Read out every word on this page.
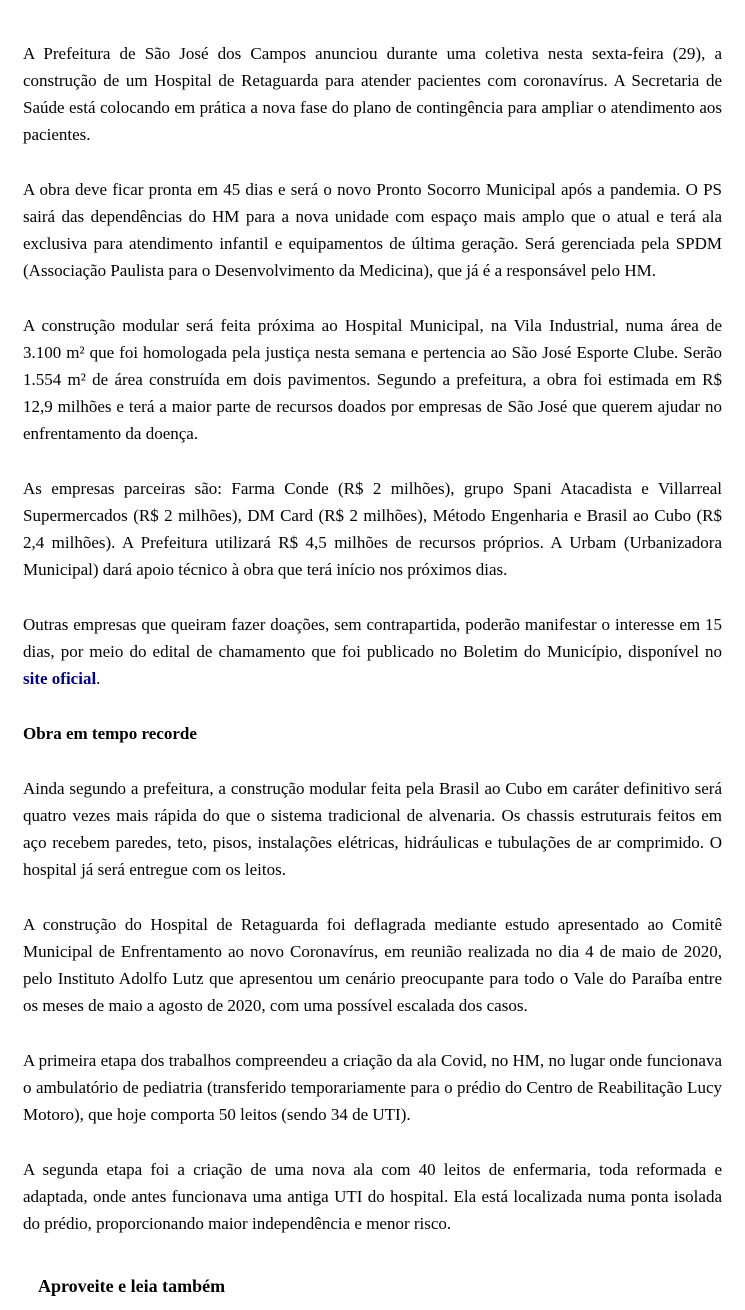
A Prefeitura de São José dos Campos anunciou durante uma coletiva nesta sexta-feira (29), a construção de um Hospital de Retaguarda para atender pacientes com coronavírus. A Secretaria de Saúde está colocando em prática a nova fase do plano de contingência para ampliar o atendimento aos pacientes.

A obra deve ficar pronta em 45 dias e será o novo Pronto Socorro Municipal após a pandemia. O PS sairá das dependências do HM para a nova unidade com espaço mais amplo que o atual e terá ala exclusiva para atendimento infantil e equipamentos de última geração. Será gerenciada pela SPDM (Associação Paulista para o Desenvolvimento da Medicina), que já é a responsável pelo HM.

A construção modular será feita próxima ao Hospital Municipal, na Vila Industrial, numa área de 3.100 m² que foi homologada pela justiça nesta semana e pertencia ao São José Esporte Clube. Serão 1.554 m² de área construída em dois pavimentos. Segundo a prefeitura, a obra foi estimada em R$ 12,9 milhões e terá a maior parte de recursos doados por empresas de São José que querem ajudar no enfrentamento da doença.

As empresas parceiras são: Farma Conde (R$ 2 milhões), grupo Spani Atacadista e Villarreal Supermercados (R$ 2 milhões), DM Card (R$ 2 milhões), Método Engenharia e Brasil ao Cubo (R$ 2,4 milhões). A Prefeitura utilizará R$ 4,5 milhões de recursos próprios. A Urbam (Urbanizadora Municipal) dará apoio técnico à obra que terá início nos próximos dias.

Outras empresas que queiram fazer doações, sem contrapartida, poderão manifestar o interesse em 15 dias, por meio do edital de chamamento que foi publicado no Boletim do Município, disponível no site oficial.

Obra em tempo recorde

Ainda segundo a prefeitura, a construção modular feita pela Brasil ao Cubo em caráter definitivo será quatro vezes mais rápida do que o sistema tradicional de alvenaria. Os chassis estruturais feitos em aço recebem paredes, teto, pisos, instalações elétricas, hidráulicas e tubulações de ar comprimido. O hospital já será entregue com os leitos.

A construção do Hospital de Retaguarda foi deflagrada mediante estudo apresentado ao Comitê Municipal de Enfrentamento ao novo Coronavírus, em reunião realizada no dia 4 de maio de 2020, pelo Instituto Adolfo Lutz que apresentou um cenário preocupante para todo o Vale do Paraíba entre os meses de maio a agosto de 2020, com uma possível escalada dos casos.

A primeira etapa dos trabalhos compreendeu a criação da ala Covid, no HM, no lugar onde funcionava o ambulatório de pediatria (transferido temporariamente para o prédio do Centro de Reabilitação Lucy Motoro), que hoje comporta 50 leitos (sendo 34 de UTI).

A segunda etapa foi a criação de uma nova ala com 40 leitos de enfermaria, toda reformada e adaptada, onde antes funcionava uma antiga UTI do hospital. Ela está localizada numa ponta isolada do prédio, proporcionando maior independência e menor risco.

Aproveite e leia também
